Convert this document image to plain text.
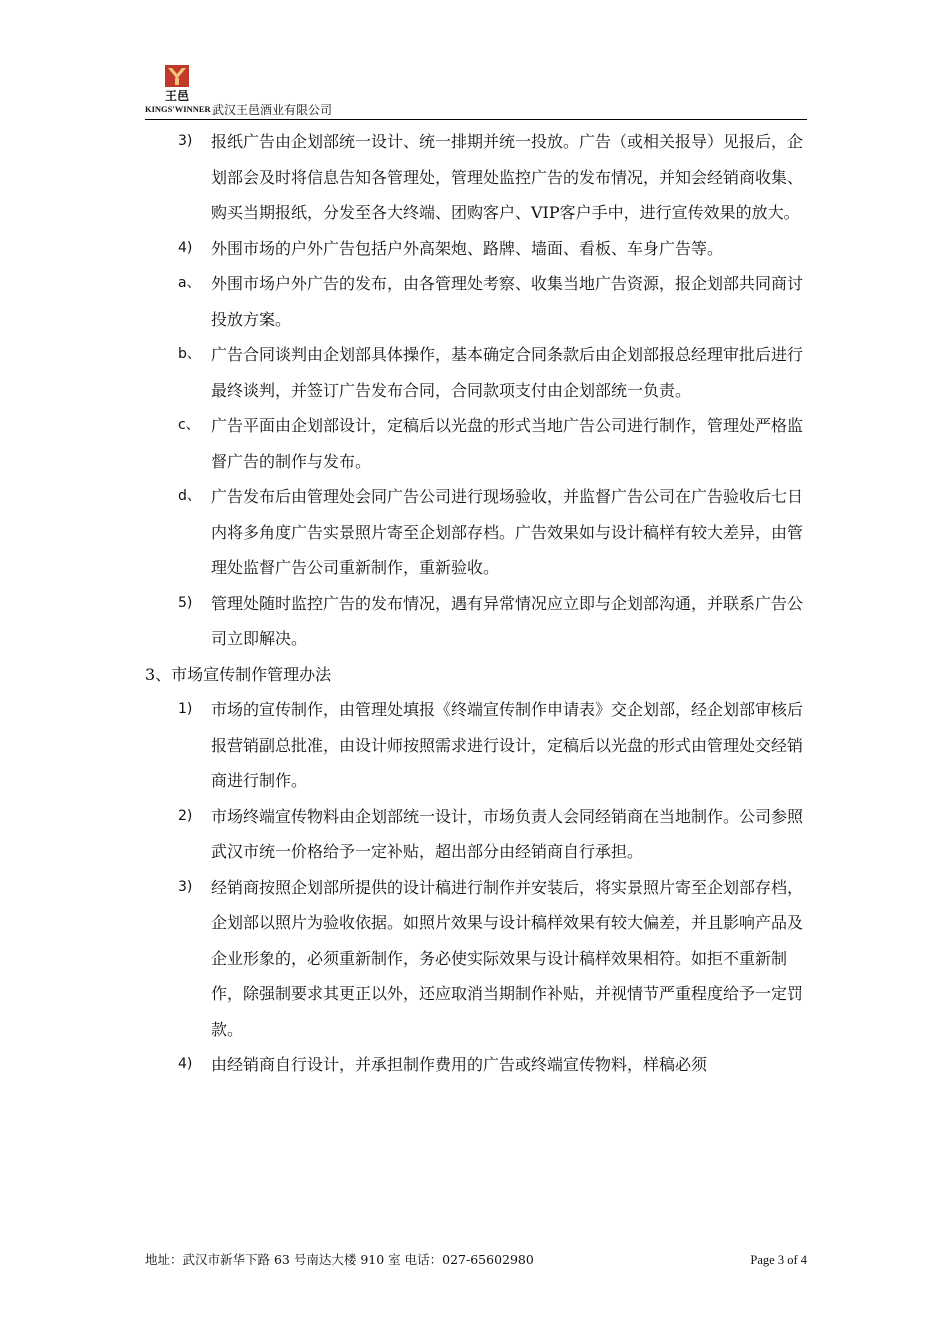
王邑
KINGS'WINNER 武汉王邑酒业有限公司

3) 报纸广告由企划部统一设计、统一排期并统一投放。广告（或相关报导）见报后，企划部会及时将信息告知各管理处，管理处监控广告的发布情况，并知会经销商收集、购买当期报纸，分发至各大终端、团购客户、VIP客户手中，进行宣传效果的放大。

4) 外围市场的户外广告包括户外高架炮、路牌、墙面、看板、车身广告等。

a、 外围市场户外广告的发布，由各管理处考察、收集当地广告资源，报企划部共同商讨投放方案。

b、 广告合同谈判由企划部具体操作，基本确定合同条款后由企划部报总经理审批后进行最终谈判，并签订广告发布合同，合同款项支付由企划部统一负责。

c、 广告平面由企划部设计，定稿后以光盘的形式当地广告公司进行制作，管理处严格监督广告的制作与发布。

d、 广告发布后由管理处会同广告公司进行现场验收，并监督广告公司在广告验收后七日内将多角度广告实景照片寄至企划部存档。广告效果如与设计稿样有较大差异，由管理处监督广告公司重新制作，重新验收。

5) 管理处随时监控广告的发布情况，遇有异常情况应立即与企划部沟通，并联系广告公司立即解决。

3、市场宣传制作管理办法

1) 市场的宣传制作，由管理处填报《终端宣传制作申请表》交企划部，经企划部审核后报营销副总批准，由设计师按照需求进行设计，定稿后以光盘的形式由管理处交经销商进行制作。

2) 市场终端宣传物料由企划部统一设计，市场负责人会同经销商在当地制作。公司参照武汉市统一价格给予一定补贴，超出部分由经销商自行承担。

3) 经销商按照企划部所提供的设计稿进行制作并安装后，将实景照片寄至企划部存档，企划部以照片为验收依据。如照片效果与设计稿样效果有较大偏差，并且影响产品及企业形象的，必须重新制作，务必使实际效果与设计稿样效果相符。如拒不重新制作，除强制要求其更正以外，还应取消当期制作补贴，并视情节严重程度给予一定罚款。

4) 由经销商自行设计，并承担制作费用的广告或终端宣传物料，样稿必须

地址：武汉市新华下路 63 号南达大楼 910 室 电话：027-65602980	Page 3 of 4
